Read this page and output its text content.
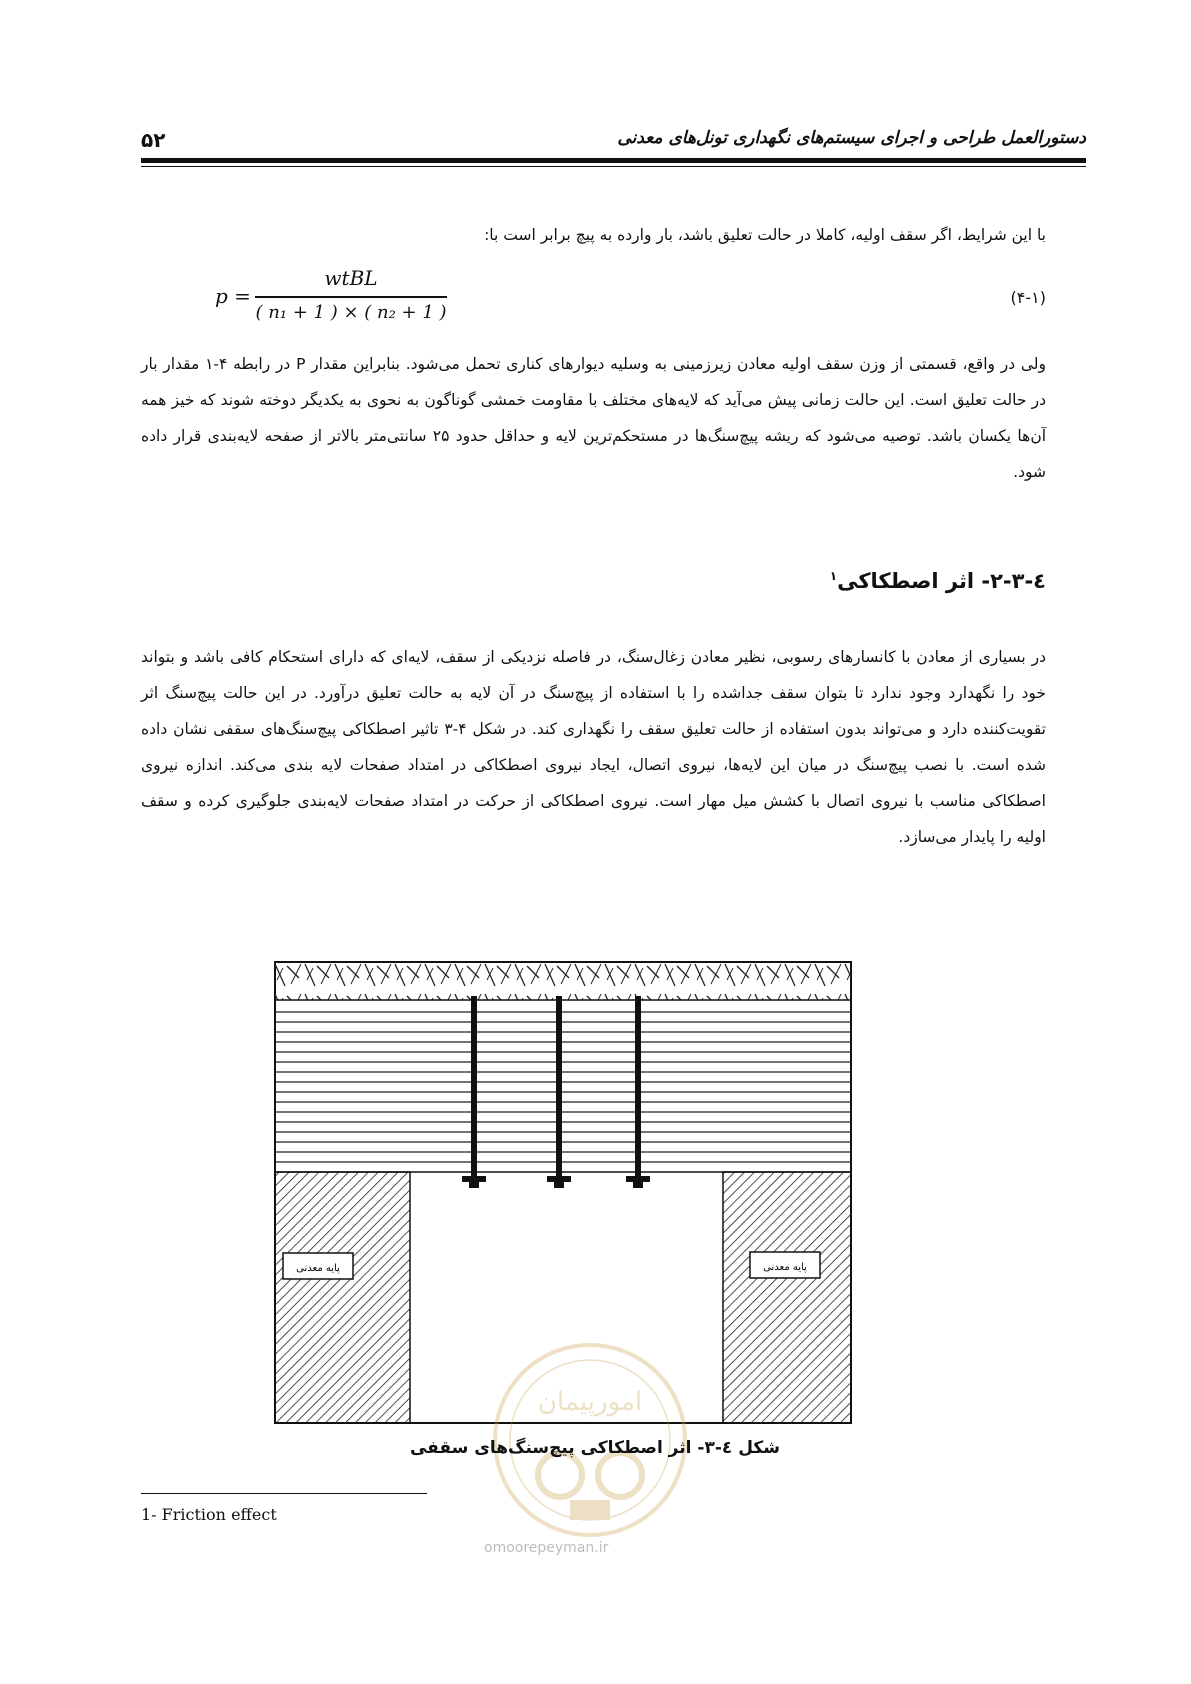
۵۲	دستورالعمل طراحی و اجرای سیستم‌های نگهداری تونل‌های معدنی
با این شرایط، اگر سقف اولیه، کاملا در حالت تعلیق باشد، بار وارده به پیچ برابر است با:
p =
wtBL
( n₁ + 1 ) × ( n₂ + 1 )
(۴-۱)
ولی در واقع، قسمتی از وزن سقف اولیه معادن زیرزمینی به وسلیه دیوارهای کناری تحمل می‌شود. بنابراین مقدار P در رابطه ۴-۱ مقدار بار در حالت تعلیق است. این حالت زمانی پیش می‌آید که لایه‌های مختلف با مقاومت خمشی گوناگون به نحوی به یکدیگر دوخته شوند که خیز همه آن‌ها یکسان باشد. توصیه می‌شود که ریشه پیچ‌سنگ‌ها در مستحکم‌ترین لایه و حداقل حدود ۲۵ سانتی‌متر بالاتر از صفحه لایه‌بندی قرار داده شود.
٤-٣-٢- اثر اصطکاکی$^۱$
در بسیاری از معادن با کانسارهای رسوبی، نظیر معادن زغال‌سنگ، در فاصله نزدیکی از سقف، لایه‌ای که دارای استحکام کافی باشد و بتواند خود را نگهدارد وجود ندارد تا بتوان سقف جداشده را با استفاده از پیچ‌سنگ در آن لایه به حالت تعلیق درآورد. در این حالت پیچ‌سنگ اثر تقویت‌کننده دارد و می‌تواند بدون استفاده از حالت تعلیق سقف را نگهداری کند. در شکل ۴-۳ تاثیر اصطکاکی پیچ‌سنگ‌های سقفی نشان داده شده است. با نصب پیچ‌سنگ در میان این لایه‌ها، نیروی اتصال، ایجاد نیروی اصطکاکی در امتداد صفحات لایه بندی می‌کند. اندازه نیروی اصطکاکی مناسب با نیروی اتصال با کشش میل مهار است. نیروی اصطکاکی از حرکت در امتداد صفحات لایه‌بندی جلوگیری کرده و سقف اولیه را پایدار می‌سازد.
پایه معدنی	پایه معدنی
امورپیمان
omoorepeyman.ir
شکل ٤-٣- اثر اصطکاکی پیچ‌سنگ‌های سقفی
1- Friction effect
